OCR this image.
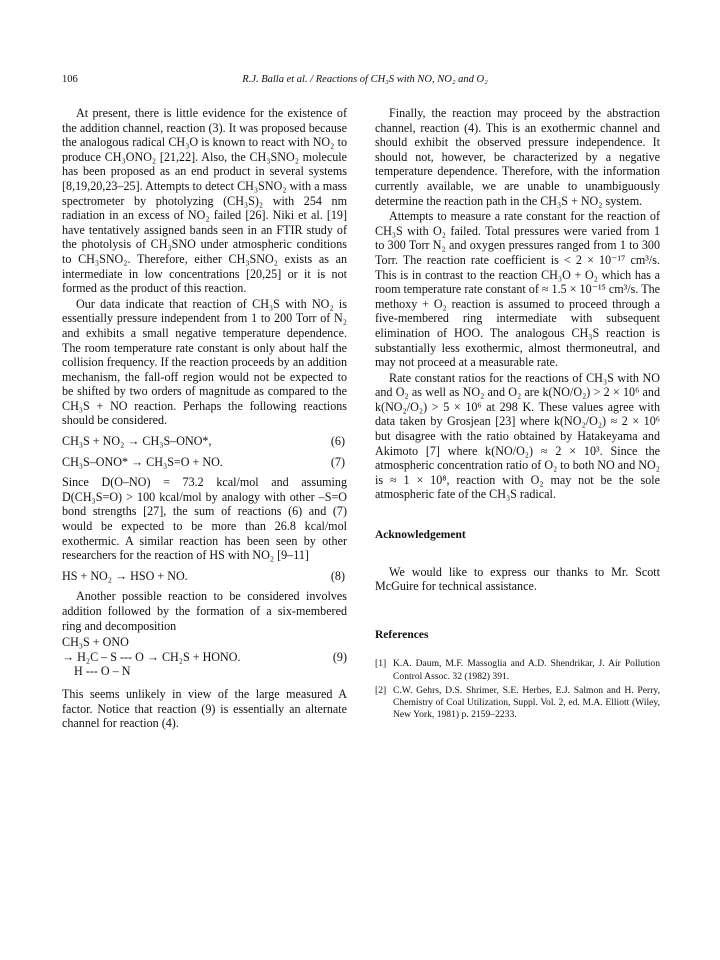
106	R.J. Balla et al. / Reactions of CH₃S with NO, NO₂ and O₂

At present, there is little evidence for the existence of the addition channel, reaction (3). It was proposed because the analogous radical CH₃O is known to react with NO₂ to produce CH₃ONO₂ [21,22]. Also, the CH₃SNO₂ molecule has been proposed as an end product in several systems [8,19,20,23–25]. Attempts to detect CH₃SNO₂ with a mass spectrometer by photolyzing (CH₃S)₂ with 254 nm radiation in an excess of NO₂ failed [26]. Niki et al. [19] have tentatively assigned bands seen in an FTIR study of the photolysis of CH₃SNO under atmospheric conditions to CH₃SNO₂. Therefore, either CH₃SNO₂ exists as an intermediate in low concentrations [20,25] or it is not formed as the product of this reaction.

Our data indicate that reaction of CH₃S with NO₂ is essentially pressure independent from 1 to 200 Torr of N₂ and exhibits a small negative temperature dependence. The room temperature rate constant is only about half the collision frequency. If the reaction proceeds by an addition mechanism, the fall-off region would not be expected to be shifted by two orders of magnitude as compared to the CH₃S + NO reaction. Perhaps the following reactions should be considered.

CH₃S + NO₂ → CH₃S–ONO*,	(6)
CH₃S–ONO* → CH₃S=O + NO.	(7)

Since D(O–NO) = 73.2 kcal/mol and assuming D(CH₃S=O) > 100 kcal/mol by analogy with other –S=O bond strengths [27], the sum of reactions (6) and (7) would be expected to be more than 26.8 kcal/mol exothermic. A similar reaction has been seen by other researchers for the reaction of HS with NO₂ [9–11]

HS + NO₂ → HSO + NO.	(8)

Another possible reaction to be considered involves addition followed by the formation of a six-membered ring and decomposition

CH₃S + ONO
→ H₂C – S --- O → CH₂S + HONO.	(9)
H --- O – N

This seems unlikely in view of the large measured A factor. Notice that reaction (9) is essentially an alternate channel for reaction (4).

Finally, the reaction may proceed by the abstraction channel, reaction (4). This is an exothermic channel and should exhibit the observed pressure independence. It should not, however, be characterized by a negative temperature dependence. Therefore, with the information currently available, we are unable to unambiguously determine the reaction path in the CH₃S + NO₂ system.

Attempts to measure a rate constant for the reaction of CH₃S with O₂ failed. Total pressures were varied from 1 to 300 Torr N₂ and oxygen pressures ranged from 1 to 300 Torr. The reaction rate coefficient is < 2 × 10⁻¹⁷ cm³/s. This is in contrast to the reaction CH₃O + O₂ which has a room temperature rate constant of ≈ 1.5 × 10⁻¹⁵ cm³/s. The methoxy + O₂ reaction is assumed to proceed through a five-membered ring intermediate with subsequent elimination of HOO. The analogous CH₃S reaction is substantially less exothermic, almost thermoneutral, and may not proceed at a measurable rate.

Rate constant ratios for the reactions of CH₃S with NO and O₂ as well as NO₂ and O₂ are k(NO/O₂) > 2 × 10⁶ and k(NO₂/O₂) > 5 × 10⁶ at 298 K. These values agree with data taken by Grosjean [23] where k(NO₂/O₂) ≈ 2 × 10⁶ but disagree with the ratio obtained by Hatakeyama and Akimoto [7] where k(NO/O₂) ≈ 2 × 10³. Since the atmospheric concentration ratio of O₂ to both NO and NO₂ is ≈ 1 × 10⁸, reaction with O₂ may not be the sole atmospheric fate of the CH₃S radical.

Acknowledgement

We would like to express our thanks to Mr. Scott McGuire for technical assistance.

References
[1] K.A. Daum, M.F. Massoglia and A.D. Shendrikar, J. Air Pollution Control Assoc. 32 (1982) 391.
[2] C.W. Gehrs, D.S. Shrimer, S.E. Herbes, E.J. Salmon and H. Perry, Chemistry of Coal Utilization, Suppl. Vol. 2, ed. M.A. Elliott (Wiley, New York, 1981) p. 2159–2233.
